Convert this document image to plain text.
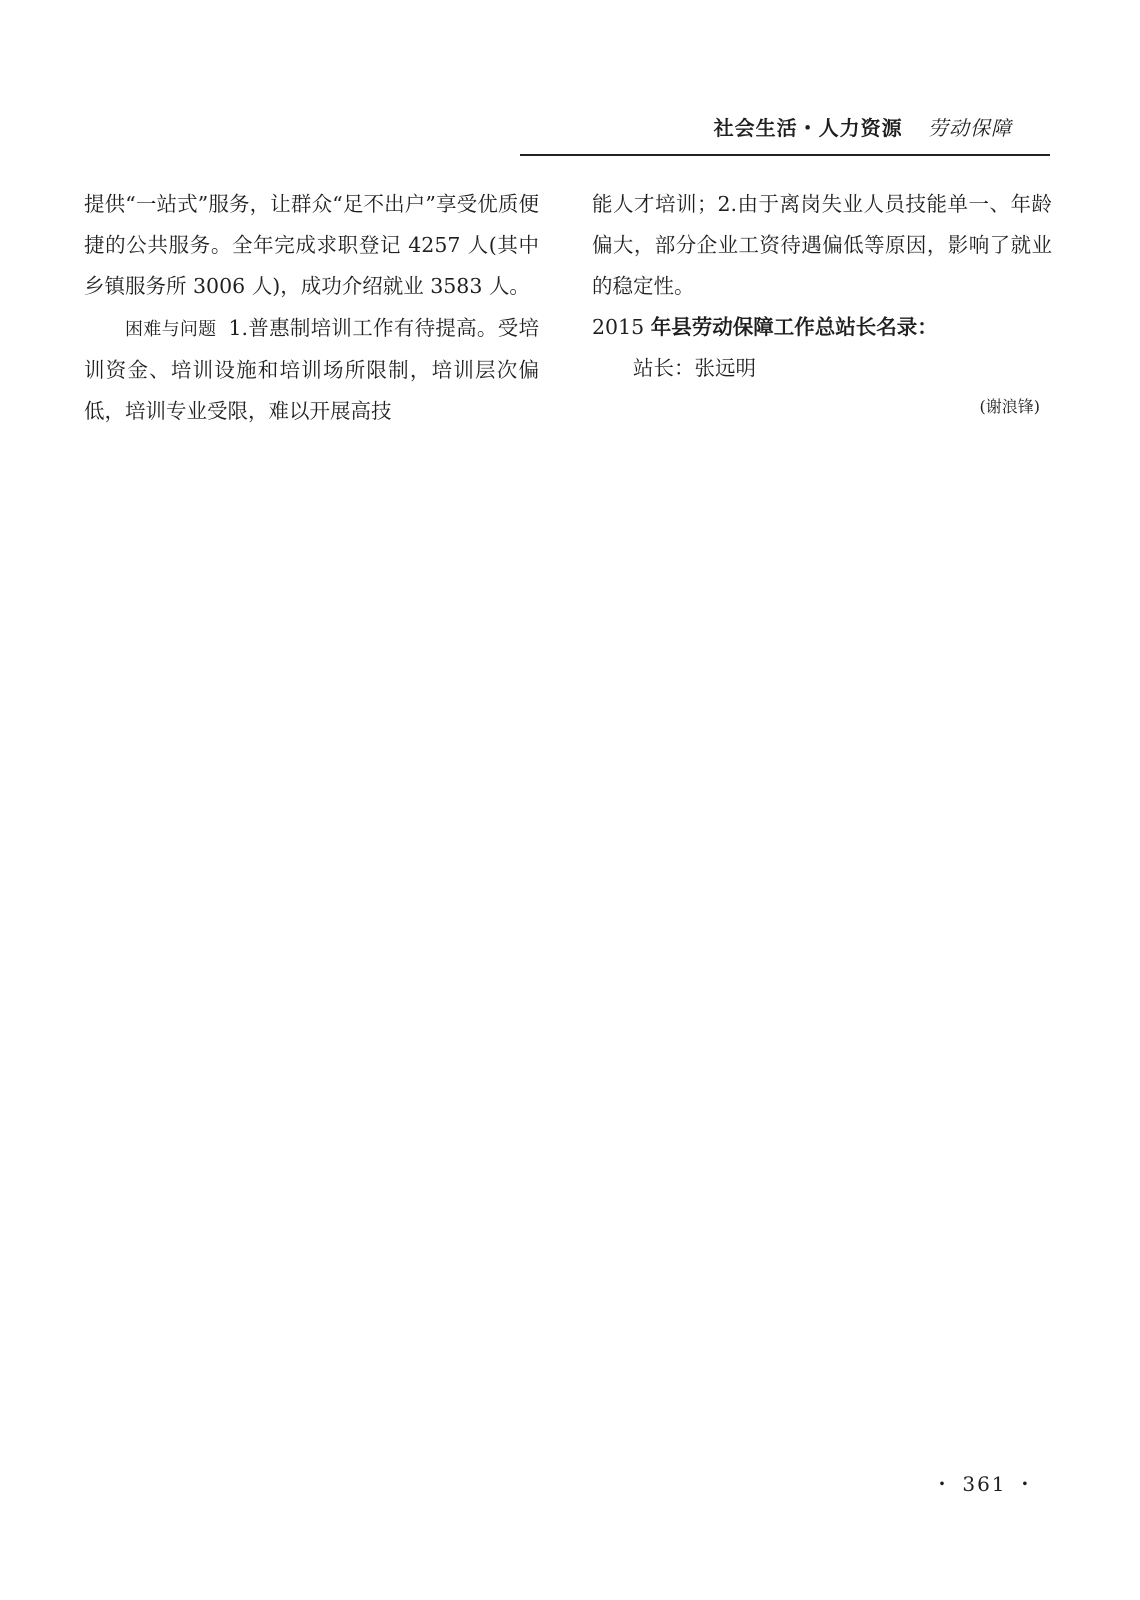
社会生活・人力资源 劳动保障

提供“一站式”服务，让群众“足不出户”享受优质便捷的公共服务。全年完成求职登记 4257 人(其中乡镇服务所 3006 人)，成功介绍就业 3583 人。

困难与问题 1.普惠制培训工作有待提高。受培训资金、培训设施和培训场所限制，培训层次偏低，培训专业受限，难以开展高技

能人才培训；2.由于离岗失业人员技能单一、年龄偏大，部分企业工资待遇偏低等原因，影响了就业的稳定性。

2015 年县劳动保障工作总站长名录：

站长：张远明

(谢浪锋)
・ 361 ・
